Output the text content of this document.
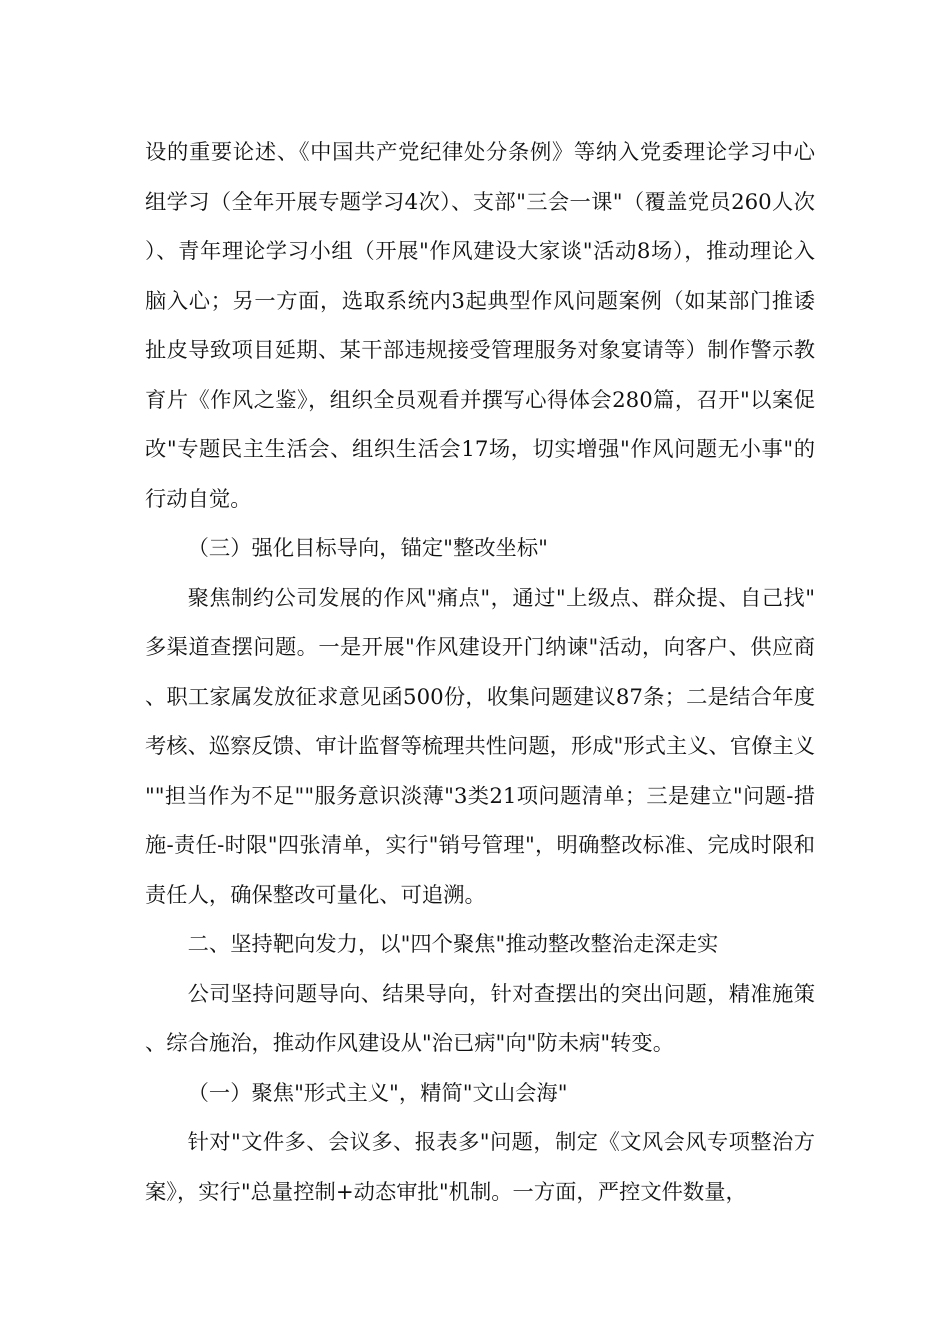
设的重要论述、《中国共产党纪律处分条例》等纳入党委理论学习中心组学习（全年开展专题学习4次）、支部"三会一课"（覆盖党员260人次）、青年理论学习小组（开展"作风建设大家谈"活动8场），推动理论入脑入心；另一方面，选取系统内3起典型作风问题案例（如某部门推诿扯皮导致项目延期、某干部违规接受管理服务对象宴请等）制作警示教育片《作风之鉴》，组织全员观看并撰写心得体会280篇，召开"以案促改"专题民主生活会、组织生活会17场，切实增强"作风问题无小事"的行动自觉。

（三）强化目标导向，锚定"整改坐标"

聚焦制约公司发展的作风"痛点"，通过"上级点、群众提、自己找"多渠道查摆问题。一是开展"作风建设开门纳谏"活动，向客户、供应商、职工家属发放征求意见函500份，收集问题建议87条；二是结合年度考核、巡察反馈、审计监督等梳理共性问题，形成"形式主义、官僚主义""担当作为不足""服务意识淡薄"3类21项问题清单；三是建立"问题-措施-责任-时限"四张清单，实行"销号管理"，明确整改标准、完成时限和责任人，确保整改可量化、可追溯。

二、坚持靶向发力，以"四个聚焦"推动整改整治走深走实

公司坚持问题导向、结果导向，针对查摆出的突出问题，精准施策、综合施治，推动作风建设从"治已病"向"防未病"转变。

（一）聚焦"形式主义"，精简"文山会海"

针对"文件多、会议多、报表多"问题，制定《文风会风专项整治方案》，实行"总量控制+动态审批"机制。一方面，严控文件数量，
